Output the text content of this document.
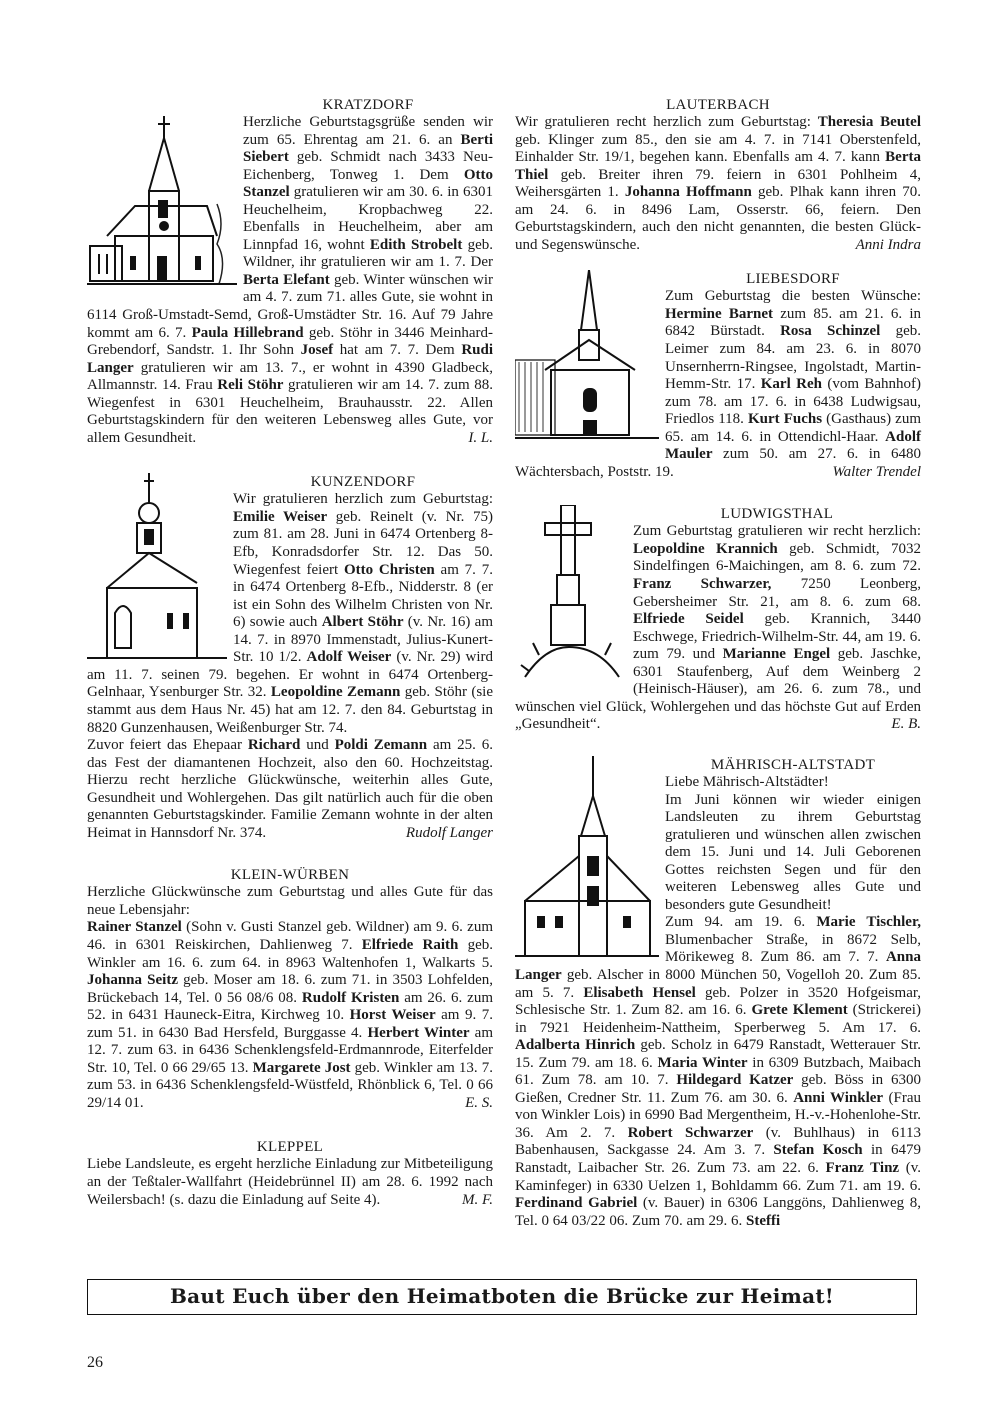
KRATZDORF

Herzliche Geburtstagsgrüße senden wir zum 65. Ehrentag am 21. 6. an Berti Siebert geb. Schmidt nach 3433 Neu-Eichenberg, Tonweg 1. Dem Otto Stanzel gratulieren wir am 30. 6. in 6301 Heuchelheim, Kropbachweg 22. Ebenfalls in Heuchelheim, aber am Linnpfad 16, wohnt Edith Strobelt geb. Wildner, ihr gratulieren wir am 1. 7. Der Berta Elefant geb. Winter wünschen wir am 4. 7. zum 71. alles Gute, sie wohnt in 6114 Groß-Umstadt-Semd, Groß-Umstädter Str. 16. Auf 79 Jahre kommt am 6. 7. Paula Hillebrand geb. Stöhr in 3446 Meinhard-Grebendorf, Sandstr. 1. Ihr Sohn Josef hat am 7. 7. Dem Rudi Langer gratulieren wir am 13. 7., er wohnt in 4390 Gladbeck, Allmannstr. 14. Frau Reli Stöhr gratulieren wir am 14. 7. zum 88. Wiegenfest in 6301 Heuchelheim, Brauhausstr. 22. Allen Geburtstagskindern für den weiteren Lebensweg alles Gute, vor allem Gesundheit.	I. L.

KUNZENDORF

Wir gratulieren herzlich zum Geburtstag: Emilie Weiser geb. Reinelt (v. Nr. 75) zum 81. am 28. Juni in 6474 Ortenberg 8-Efb, Konradsdorfer Str. 12. Das 50. Wiegenfest feiert Otto Christen am 7. 7. in 6474 Ortenberg 8-Efb., Nidderstr. 8 (er ist ein Sohn des Wilhelm Christen von Nr. 6) sowie auch Albert Stöhr (v. Nr. 16) am 14. 7. in 8970 Immenstadt, Julius-Kunert-Str. 10 1/2. Adolf Weiser (v. Nr. 29) wird am 11. 7. seinen 79. begehen. Er wohnt in 6474 Ortenberg-Gelnhaar, Ysenburger Str. 32. Leopoldine Zemann geb. Stöhr (sie stammt aus dem Haus Nr. 45) hat am 12. 7. den 84. Geburtstag in 8820 Gunzenhausen, Weißenburger Str. 74.

Zuvor feiert das Ehepaar Richard und Poldi Zemann am 25. 6. das Fest der diamantenen Hochzeit, also den 60. Hochzeitstag. Hierzu recht herzliche Glückwünsche, weiterhin alles Gute, Gesundheit und Wohlergehen. Das gilt natürlich auch für die oben genannten Geburtstagskinder. Familie Zemann wohnte in der alten Heimat in Hannsdorf Nr. 374.	Rudolf Langer

KLEIN-WÜRBEN

Herzliche Glückwünsche zum Geburtstag und alles Gute für das neue Lebensjahr:

Rainer Stanzel (Sohn v. Gusti Stanzel geb. Wildner) am 9. 6. zum 46. in 6301 Reiskirchen, Dahlienweg 7. Elfriede Raith geb. Winkler am 16. 6. zum 64. in 8963 Waltenhofen 1, Walkarts 5. Johanna Seitz geb. Moser am 18. 6. zum 71. in 3503 Lohfelden, Brückebach 14, Tel. 0 56 08/6 08. Rudolf Kristen am 26. 6. zum 52. in 6431 Hauneck-Eitra, Kirchweg 10. Horst Weiser am 9. 7. zum 51. in 6430 Bad Hersfeld, Burggasse 4. Herbert Winter am 12. 7. zum 63. in 6436 Schenklengsfeld-Erdmannrode, Eiterfelder Str. 10, Tel. 0 66 29/65 13. Margarete Jost geb. Winkler am 13. 7. zum 53. in 6436 Schenklengsfeld-Wüstfeld, Rhönblick 6, Tel. 0 66 29/14 01.	E. S.

KLEPPEL

Liebe Landsleute, es ergeht herzliche Einladung zur Mitbeteiligung an der Teßtaler-Wallfahrt (Heidebrünnel II) am 28. 6. 1992 nach Weilersbach! (s. dazu die Einladung auf Seite 4).	M. F.

LAUTERBACH

Wir gratulieren recht herzlich zum Geburtstag: Theresia Beutel geb. Klinger zum 85., den sie am 4. 7. in 7141 Oberstenfeld, Einhalder Str. 19/1, begehen kann. Ebenfalls am 4. 7. kann Berta Thiel geb. Breiter ihren 79. feiern in 6301 Pohlheim 4, Weihersgärten 1. Johanna Hoffmann geb. Plhak kann ihren 70. am 24. 6. in 8496 Lam, Osserstr. 66, feiern. Den Geburtstagskindern, auch den nicht genannten, die besten Glück- und Segenswünsche.	Anni Indra

LIEBESDORF

Zum Geburtstag die besten Wünsche: Hermine Barnet zum 85. am 21. 6. in 6842 Bürstadt. Rosa Schinzel geb. Leimer zum 84. am 23. 6. in 8070 Unsernherrn-Ringsee, Ingolstadt, Martin-Hemm-Str. 17. Karl Reh (vom Bahnhof) zum 78. am 17. 6. in 6438 Ludwigsau, Friedlos 118. Kurt Fuchs (Gasthaus) zum 65. am 14. 6. in Ottendichl-Haar. Adolf Mauler zum 50. am 27. 6. in 6480 Wächtersbach, Poststr. 19.	Walter Trendel

LUDWIGSTHAL

Zum Geburtstag gratulieren wir recht herzlich: Leopoldine Krannich geb. Schmidt, 7032 Sindelfingen 6-Maichingen, am 8. 6. zum 72. Franz Schwarzer, 7250 Leonberg, Gebersheimer Str. 21, am 8. 6. zum 68. Elfriede Seidel geb. Krannich, 3440 Eschwege, Friedrich-Wilhelm-Str. 44, am 19. 6. zum 79. und Marianne Engel geb. Jaschke, 6301 Staufenberg, Auf dem Weinberg 2 (Heinisch-Häuser), am 26. 6. zum 78., und wünschen viel Glück, Wohlergehen und das höchste Gut auf Erden „Gesundheit“.	E. B.

MÄHRISCH-ALTSTADT

Liebe Mährisch-Altstädter!

Im Juni können wir wieder einigen Landsleuten zu ihrem Geburtstag gratulieren und wünschen allen zwischen dem 15. Juni und 14. Juli Geborenen Gottes reichsten Segen und für den weiteren Lebensweg alles Gute und besonders gute Gesundheit!

Zum 94. am 19. 6. Marie Tischler, Blumenbacher Straße, in 8672 Selb, Mörikeweg 8. Zum 86. am 7. 7. Anna Langer geb. Alscher in 8000 München 50, Vogelloh 20. Zum 85. am 5. 7. Elisabeth Hensel geb. Polzer in 3520 Hofgeismar, Schlesische Str. 1. Zum 82. am 16. 6. Grete Klement (Strickerei) in 7921 Heidenheim-Nattheim, Sperberweg 5. Am 17. 6. Adalberta Hinrich geb. Scholz in 6479 Ranstadt, Wetterauer Str. 15. Zum 79. am 18. 6. Maria Winter in 6309 Butzbach, Maibach 61. Zum 78. am 10. 7. Hildegard Katzer geb. Böss in 6300 Gießen, Credner Str. 11. Zum 76. am 30. 6. Anni Winkler (Frau von Winkler Lois) in 6990 Bad Mergentheim, H.-v.-Hohenlohe-Str. 36. Am 2. 7. Robert Schwarzer (v. Buhlhaus) in 6113 Babenhausen, Sackgasse 24. Am 3. 7. Stefan Kosch in 6479 Ranstadt, Laibacher Str. 26. Zum 73. am 22. 6. Franz Tinz (v. Kaminfeger) in 6330 Uelzen 1, Bohldamm 66. Zum 71. am 19. 6. Ferdinand Gabriel (v. Bauer) in 6306 Langgöns, Dahlienweg 8, Tel. 0 64 03/22 06. Zum 70. am 29. 6. Steffi

Baut Euch über den Heimatboten die Brücke zur Heimat!
26
